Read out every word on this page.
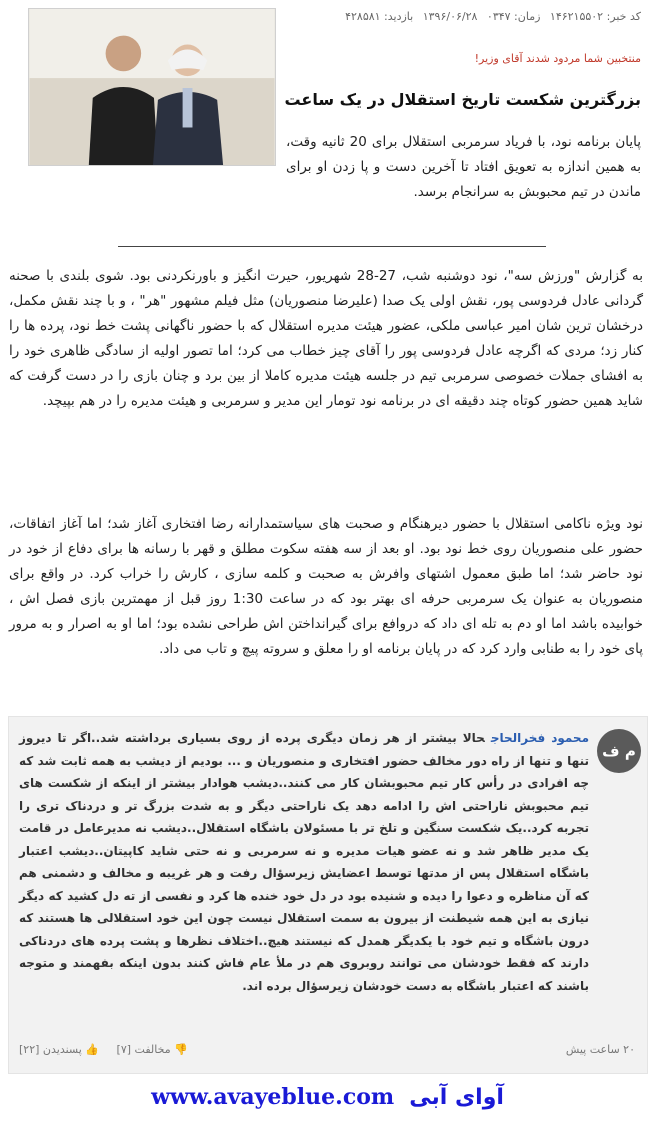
کد خبر: ۱۴۶۲۱۵۵۰۲ زمان: ۰۳۴۷ ۱۳۹۶/۰۶/۲۸ بازدید: ۴۲۸۵۸۱
منتخبین شما مردود شدند آقای وزیر!
بزرگترین شکست تاریخ استقلال در یک ساعت

پایان برنامه نود، با فریاد سرمربی استقلال برای 20 ثانیه وقت، به همین اندازه به تعویق افتاد تا آخرین دست و پا زدن او برای ماندن در تیم محبوبش به سرانجام برسد.

به گزارش "ورزش سه"، نود دوشنبه شب، 27-28 شهریور، حیرت انگیز و باورنکردنی بود. شوی بلندی با صحنه گردانی عادل فردوسی پور، نقش اولی یک صدا (علیرضا منصوریان) مثل فیلم مشهور "هر" ، و با چند نقش مکمل، درخشان ترین شان امیر عباسی ملکی، عضور هیئت مدیره استقلال که با حضور ناگهانی پشت خط نود، پرده ها را کنار زد؛ مردی که اگرچه عادل فردوسی پور را آقای چیز خطاب می کرد؛ اما تصور اولیه از سادگی ظاهری خود را به افشای جملات خصوصی سرمربی تیم در جلسه هیئت مدیره کاملا از بین برد و چنان بازی را در دست گرفت که شاید همین حضور کوتاه چند دقیقه ای در برنامه نود تومار این مدیر و سرمربی و هیئت مدیره را در هم بپیچد.

نود ویژه ناکامی استقلال با حضور دیرهنگام و صحبت های سیاستمدارانه رضا افتخاری آغاز شد؛ اما آغاز اتفاقات، حضور علی منصوریان روی خط نود بود. او بعد از سه هفته سکوت مطلق و قهر با رسانه ها برای دفاع از خود در نود حاضر شد؛ اما طبق معمول اشتهای وافرش به صحبت و کلمه سازی ، کارش را خراب کرد. در واقع برای منصوریان به عنوان یک سرمربی حرفه ای بهتر بود که در ساعت 1:30 روز قبل از مهمترین بازی فصل اش ، خوابیده باشد اما او دم به تله ای داد که دروافع برای گیرانداختن اش طراحی نشده بود؛ اما او به اصرار و به مرور پای خود را به طنابی وارد کرد که در پایان برنامه او را معلق و سروته پیچ و تاب می داد.

م ف
محمود فخرالحاجحالا بیشتر از هر زمان دیگری پرده از روی بسیاری برداشته شد..اگر تا دیروز تنها و تنها از راه دور مخالف حضور افتخاری و منصوریان و ... بودیم از دیشب به همه ثابت شد که چه افرادی در رأس کار تیم محبوبشان کار می کنند..دیشب هوادار بیشتر از اینکه از شکست های تیم محبوبش ناراحتی اش را ادامه دهد یک ناراحتی دیگر و به شدت بزرگ تر و دردناک تری را تجربه کرد..یک شکست سنگین و تلخ تر با مسئولان باشگاه استقلال..دیشب نه مدیرعامل در قامت یک مدیر ظاهر شد و نه عضو هیات مدیره و نه سرمربی و نه حتی شاید کاپیتان..دیشب اعتبار باشگاه استقلال پس از مدتها توسط اعضایش زیرسؤال رفت و هر غریبه و مخالف و دشمنی هم که آن مناظره و دعوا را دیده و شنیده بود در دل خود خنده ها کرد و نفسی از ته دل کشید که دیگر نیازی به این همه شیطنت از بیرون به سمت استقلال نیست چون این خود استقلالی ها هستند که درون باشگاه و تیم خود با یکدیگر همدل که نیستند هیچ..اختلاف نظرها و پشت پرده های دردناکی دارند که فقط خودشان می توانند روبروی هم در ملأ عام فاش کنند بدون اینکه بفهمند و متوجه باشند که اعتبار باشگاه به دست خودشان زیرسؤال برده اند.
۲۰ ساعت پیش
👎 مخالفت [۷] 👍 پسندیدن [۲۲]
www.avayeblue.com آوای آبی
